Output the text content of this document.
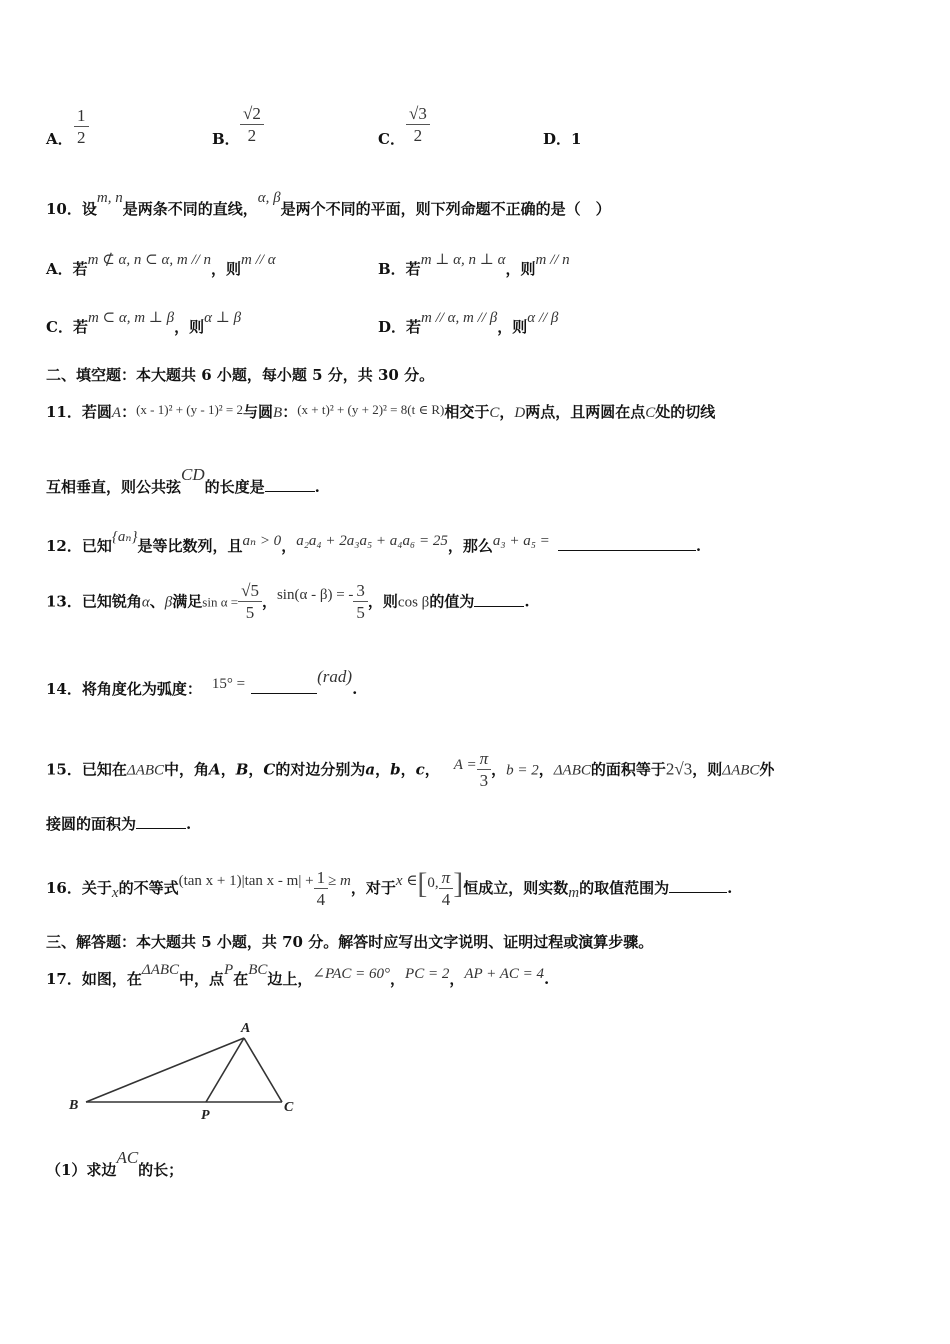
A． $\frac{1}{2}$	B． $\frac{√2}{2}$	C． $\frac{√3}{2}$	D．1
10．设m, n是两条不同的直线，α, β是两个不同的平面，则下列命题不正确的是（　）
A．若m ⊄ α, n ⊂ α, m // n，则m // α	B．若m ⊥ α, n ⊥ α，则m // n
C．若m ⊂ α, m ⊥ β，则α ⊥ β	D．若m // α, m // β，则α // β
二、填空题：本大题共 6 小题，每小题 5 分，共 30 分。
11．若圆A：(x - 1)² + (y - 1)² = 2与圆B：(x + t)² + (y + 2)² = 8(t ∈ R)相交于C，D两点，且两圆在点C处的切线
互相垂直，则公共弦CD的长度是	.
12．已知{aₙ}是等比数列，且aₙ > 0，a₂a₄ + 2a₃a₅ + a₄a₆ = 25，那么a₃ + a₅ =	.
13．已知锐角α、β满足$\sin \alpha = \frac{√5}{5}$ ，sin(α - β) = - $\frac{3}{5}$ ，则cos β的值为	.
14．将角度化为弧度： 15° =	(rad).
15．已知在ΔABC中，角A，B，C的对边分别为a，b，c， $A = \frac{\pi}{3}$ ，b = 2，ΔABC的面积等于2√3，则ΔABC外
接圆的面积为	.
16．关于x的不等式(tan x + 1)|tan $x - m| + \frac{1}{4} \ge m$，对于x ∈[0, $\frac{\pi}{4}$ ]恒成立，则实数m的取值范围为	.
三、解答题：本大题共 5 小题，共 70 分。解答时应写出文字说明、证明过程或演算步骤。
17．如图，在ΔABC中，点P在BC边上，∠PAC = 60°，PC = 2，AP + AC = 4.
A
B
P
C
（1）求边AC的长；
